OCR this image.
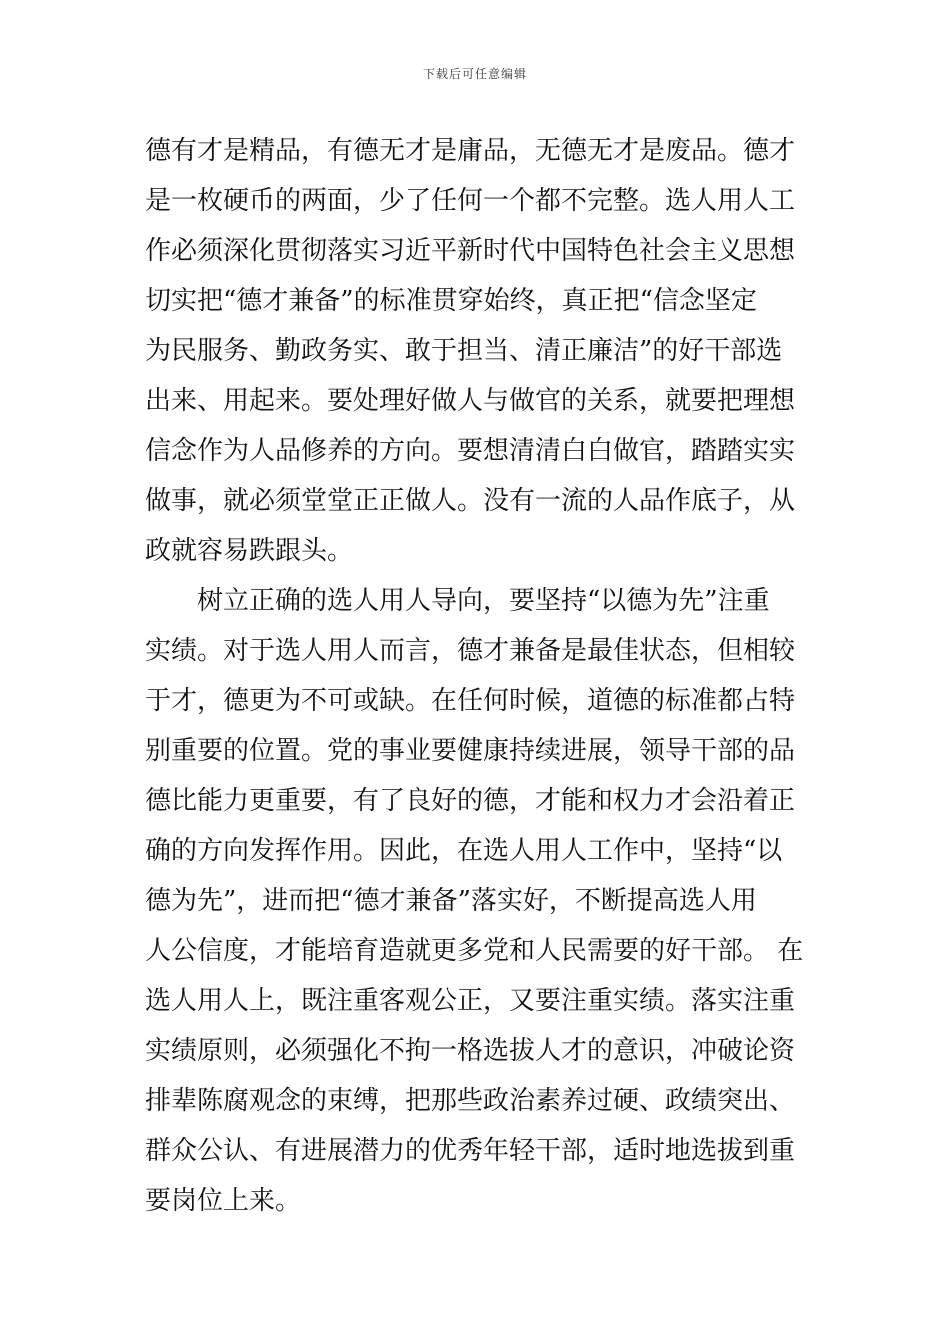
下载后可任意编辑
德有才是精品，有德无才是庸品，无德无才是废品。德才
是一枚硬币的两面，少了任何一个都不完整。选人用人工
作必须深化贯彻落实习近平新时代中国特色社会主义思想
切实把“德才兼备”的标准贯穿始终，真正把“信念坚定
为民服务、勤政务实、敢于担当、清正廉洁”的好干部选
出来、用起来。要处理好做人与做官的关系，就要把理想
信念作为人品修养的方向。要想清清白白做官，踏踏实实
做事，就必须堂堂正正做人。没有一流的人品作底子，从
政就容易跌跟头。
树立正确的选人用人导向，要坚持“以德为先”注重
实绩。对于选人用人而言，德才兼备是最佳状态，但相较
于才，德更为不可或缺。在任何时候，道德的标准都占特
别重要的位置。党的事业要健康持续进展，领导干部的品
德比能力更重要，有了良好的德，才能和权力才会沿着正
确的方向发挥作用。因此，在选人用人工作中，坚持“以
德为先”，进而把“德才兼备”落实好，不断提高选人用
人公信度，才能培育造就更多党和人民需要的好干部。 在
选人用人上，既注重客观公正，又要注重实绩。落实注重
实绩原则，必须强化不拘一格选拔人才的意识，冲破论资
排辈陈腐观念的束缚，把那些政治素养过硬、政绩突出、
群众公认、有进展潜力的优秀年轻干部，适时地选拔到重
要岗位上来。
